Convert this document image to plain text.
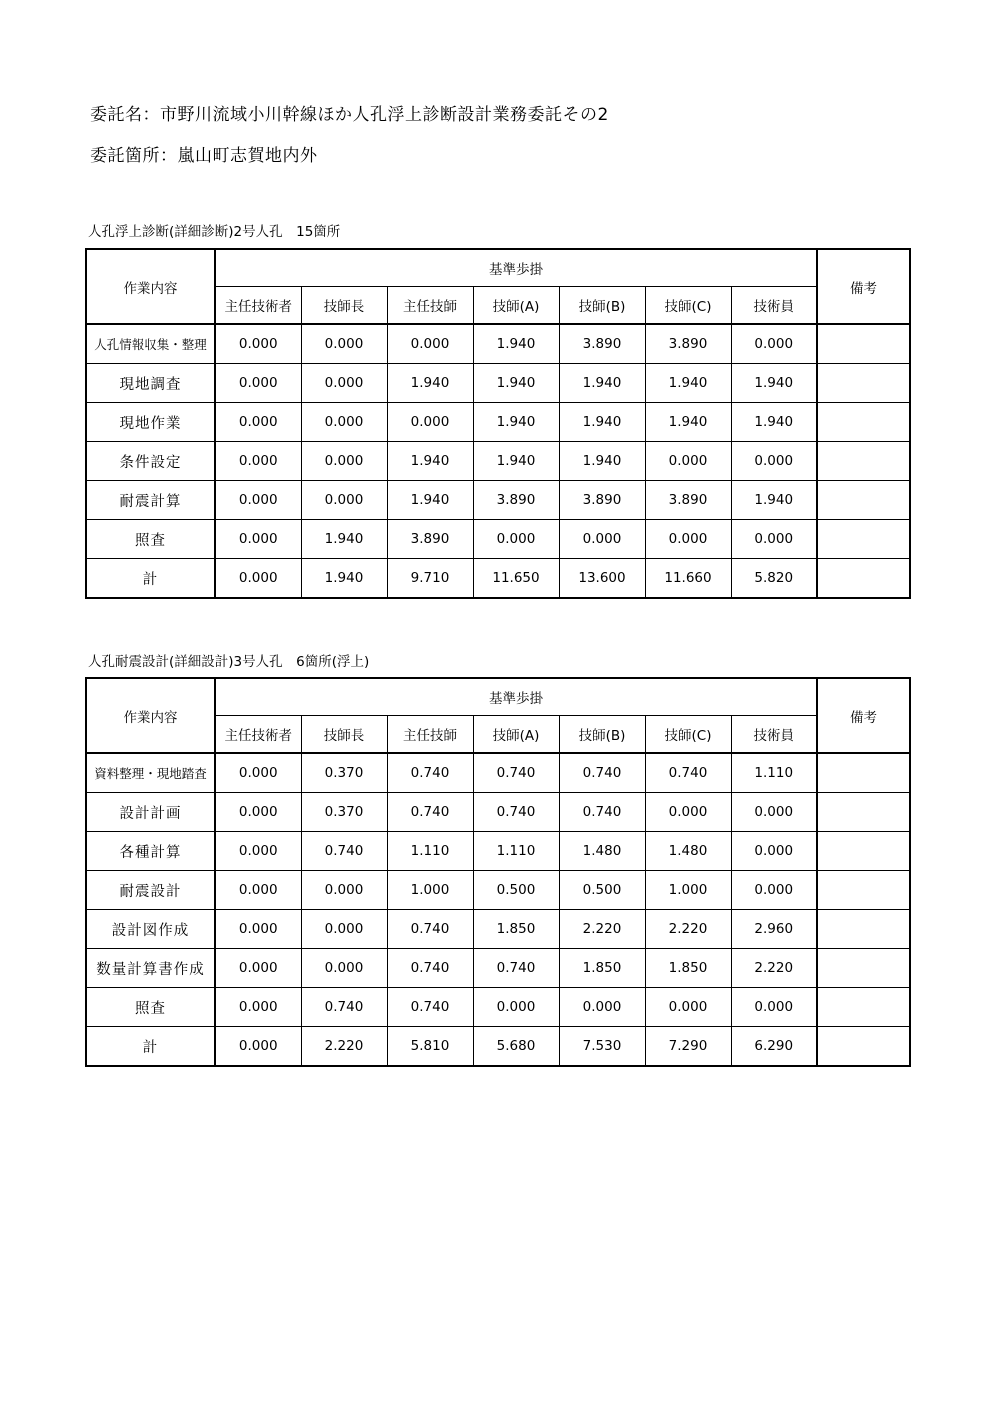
委託名：市野川流域小川幹線ほか人孔浮上診断設計業務委託その2
委託箇所：嵐山町志賀地内外
人孔浮上診断(詳細診断)2号人孔　15箇所
作業内容	基準歩掛							備考
	主任技術者	技師長	主任技師	技師(A)	技師(B)	技師(C)	技術員	
人孔情報収集・整理	0.000	0.000	0.000	1.940	3.890	3.890	0.000	
現地調査	0.000	0.000	1.940	1.940	1.940	1.940	1.940	
現地作業	0.000	0.000	0.000	1.940	1.940	1.940	1.940	
条件設定	0.000	0.000	1.940	1.940	1.940	0.000	0.000	
耐震計算	0.000	0.000	1.940	3.890	3.890	3.890	1.940	
照査	0.000	1.940	3.890	0.000	0.000	0.000	0.000	
計	0.000	1.940	9.710	11.650	13.600	11.660	5.820	
人孔耐震設計(詳細設計)3号人孔　6箇所(浮上)
作業内容	基準歩掛							備考
	主任技術者	技師長	主任技師	技師(A)	技師(B)	技師(C)	技術員	
資料整理・現地踏査	0.000	0.370	0.740	0.740	0.740	0.740	1.110	
設計計画	0.000	0.370	0.740	0.740	0.740	0.000	0.000	
各種計算	0.000	0.740	1.110	1.110	1.480	1.480	0.000	
耐震設計	0.000	0.000	1.000	0.500	0.500	1.000	0.000	
設計図作成	0.000	0.000	0.740	1.850	2.220	2.220	2.960	
数量計算書作成	0.000	0.000	0.740	0.740	1.850	1.850	2.220	
照査	0.000	0.740	0.740	0.000	0.000	0.000	0.000	
計	0.000	2.220	5.810	5.680	7.530	7.290	6.290	
